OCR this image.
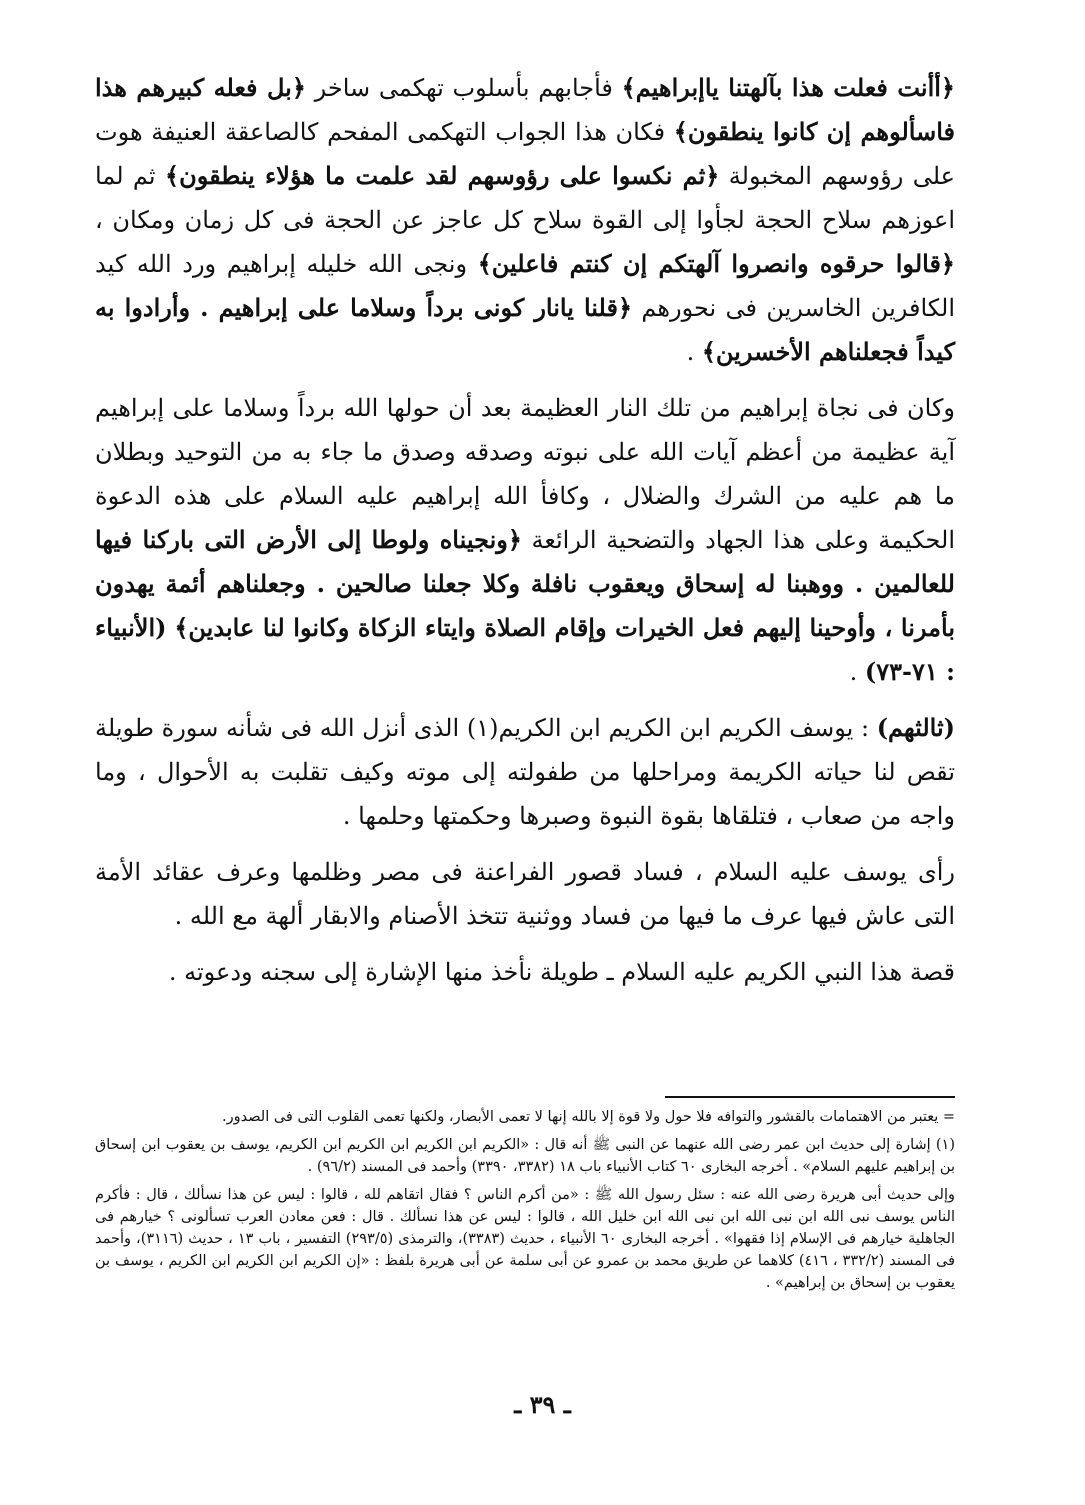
﴿أأنت فعلت هذا بآلهتنا ياإبراهيم﴾ فأجابهم بأسلوب تهكمى ساخر ﴿بل فعله كبيرهم هذا فاسألوهم إن كانوا ينطقون﴾ فكان هذا الجواب التهكمى المفحم كالصاعقة العنيفة هوت على رؤوسهم المخبولة ﴿ثم نكسوا على رؤوسهم لقد علمت ما هؤلاء ينطقون﴾ ثم لما اعوزهم سلاح الحجة لجأوا إلى القوة سلاح كل عاجز عن الحجة فى كل زمان ومكان ، ﴿قالوا حرقوه وانصروا آلهتكم إن كنتم فاعلين﴾ ونجى الله خليله إبراهيم ورد الله كيد الكافرين الخاسرين فى نحورهم ﴿قلنا يانار كونى برداً وسلاما على إبراهيم . وأرادوا به كيداً فجعلناهم الأخسرين﴾ .

وكان فى نجاة إبراهيم من تلك النار العظيمة بعد أن حولها الله برداً وسلاما على إبراهيم آية عظيمة من أعظم آيات الله على نبوته وصدقه وصدق ما جاء به من التوحيد وبطلان ما هم عليه من الشرك والضلال ، وكافأ الله إبراهيم عليه السلام على هذه الدعوة الحكيمة وعلى هذا الجهاد والتضحية الرائعة ﴿ونجيناه ولوطا إلى الأرض التى باركنا فيها للعالمين . ووهبنا له إسحاق ويعقوب نافلة وكلا جعلنا صالحين . وجعلناهم أئمة يهدون بأمرنا ، وأوحينا إليهم فعل الخيرات وإقام الصلاة وايتاء الزكاة وكانوا لنا عابدين﴾ (الأنبياء : ٧١-٧٣) .

(ثالثهم) : يوسف الكريم ابن الكريم ابن الكريم(١) الذى أنزل الله فى شأنه سورة طويلة تقص لنا حياته الكريمة ومراحلها من طفولته إلى موته وكيف تقلبت به الأحوال ، وما واجه من صعاب ، فتلقاها بقوة النبوة وصبرها وحكمتها وحلمها .

رأى يوسف عليه السلام ، فساد قصور الفراعنة فى مصر وظلمها وعرف عقائد الأمة التى عاش فيها عرف ما فيها من فساد ووثنية تتخذ الأصنام والابقار ألهة مع الله .

قصة هذا النبي الكريم عليه السلام ـ طويلة نأخذ منها الإشارة إلى سجنه ودعوته .

= يعتبر من الاهتمامات بالقشور والتوافه فلا حول ولا قوة إلا بالله إنها لا تعمى الأبصار، ولكنها تعمى القلوب التى فى الصدور.

(١) إشارة إلى حديث ابن عمر رضى الله عنهما عن النبى ﷺ أنه قال : «الكريم ابن الكريم ابن الكريم ابن الكريم، يوسف بن يعقوب ابن إسحاق بن إبراهيم عليهم السلام» . أخرجه البخارى ٦٠ كتاب الأنبياء باب ١٨ (٣٣٨٢، ٣٣٩٠) وأحمد فى المسند (٩٦/٢) .

وإلى حديث أبى هريرة رضى الله عنه : سئل رسول الله ﷺ : «من أكرم الناس ؟ فقال اتقاهم لله ، قالوا : ليس عن هذا نسألك ، قال : فأكرم الناس يوسف نبى الله ابن نبى الله ابن نبى الله ابن خليل الله ، قالوا : ليس عن هذا نسألك . قال : فعن معادن العرب تسألونى ؟ خيارهم فى الجاهلية خيارهم فى الإسلام إذا فقهوا» . أخرجه البخارى ٦٠ الأنبياء ، حديث (٣٣٨٣)، والترمذى (٢٩٣/٥) التفسير ، باب ١٣ ، حديث (٣١١٦)، وأحمد فى المسند (٣٣٢/٢ ، ٤١٦) كلاهما عن طريق محمد بن عمرو عن أبى سلمة عن أبى هريرة بلفظ : «إن الكريم ابن الكريم ابن الكريم ، يوسف بن يعقوب بن إسحاق بن إبراهيم» .

ـ ٣٩ ـ
